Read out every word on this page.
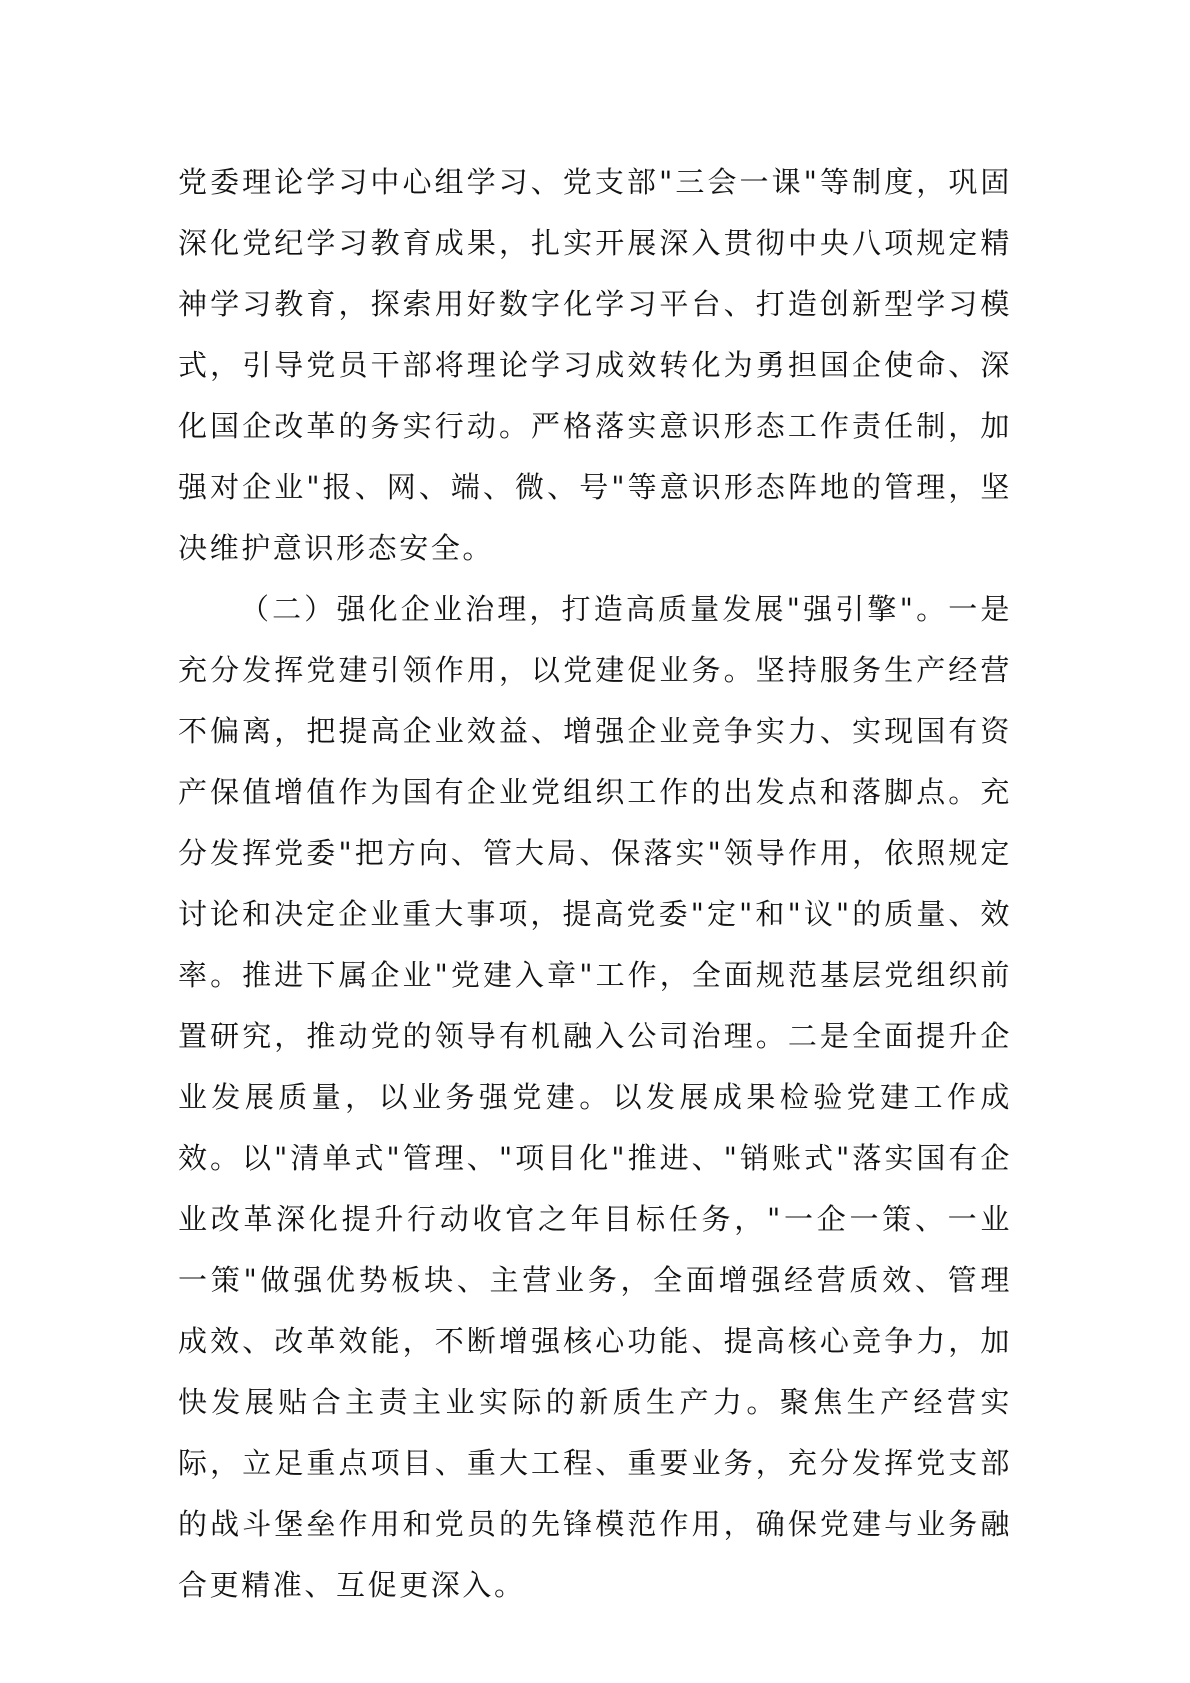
党委理论学习中心组学习、党支部"三会一课"等制度，巩固深化党纪学习教育成果，扎实开展深入贯彻中央八项规定精神学习教育，探索用好数字化学习平台、打造创新型学习模式，引导党员干部将理论学习成效转化为勇担国企使命、深化国企改革的务实行动。严格落实意识形态工作责任制，加强对企业"报、网、端、微、号"等意识形态阵地的管理，坚决维护意识形态安全。

（二）强化企业治理，打造高质量发展"强引擎"。一是充分发挥党建引领作用，以党建促业务。坚持服务生产经营不偏离，把提高企业效益、增强企业竞争实力、实现国有资产保值增值作为国有企业党组织工作的出发点和落脚点。充分发挥党委"把方向、管大局、保落实"领导作用，依照规定讨论和决定企业重大事项，提高党委"定"和"议"的质量、效率。推进下属企业"党建入章"工作，全面规范基层党组织前置研究，推动党的领导有机融入公司治理。二是全面提升企业发展质量，以业务强党建。以发展成果检验党建工作成效。以"清单式"管理、"项目化"推进、"销账式"落实国有企业改革深化提升行动收官之年目标任务，"一企一策、一业一策"做强优势板块、主营业务，全面增强经营质效、管理成效、改革效能，不断增强核心功能、提高核心竞争力，加快发展贴合主责主业实际的新质生产力。聚焦生产经营实际，立足重点项目、重大工程、重要业务，充分发挥党支部的战斗堡垒作用和党员的先锋模范作用，确保党建与业务融合更精准、互促更深入。
